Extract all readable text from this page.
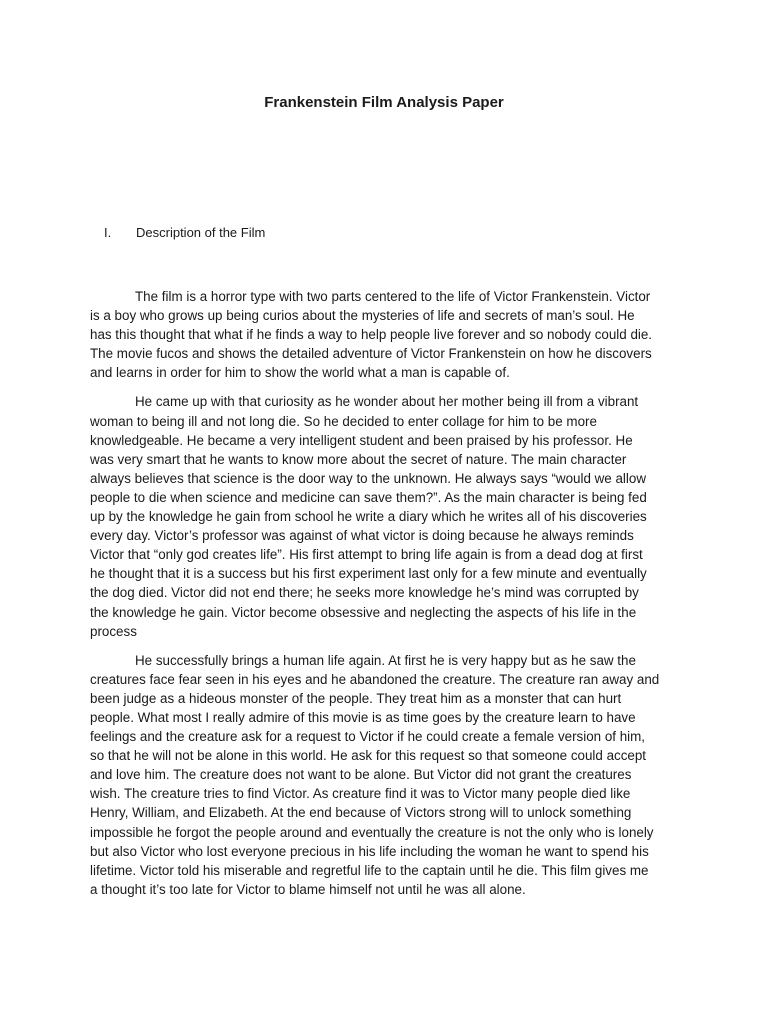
Frankenstein Film Analysis Paper
I. Description of the Film

The film is a horror type with two parts centered to the life of Victor Frankenstein. Victor
is a boy who grows up being curios about the mysteries of life and secrets of man’s soul. He
has this thought that what if he finds a way to help people live forever and so nobody could die.
The movie fucos and shows the detailed adventure of Victor Frankenstein on how he discovers
and learns in order for him to show the world what a man is capable of.

He came up with that curiosity as he wonder about her mother being ill from a vibrant
woman to being ill and not long die. So he decided to enter collage for him to be more
knowledgeable. He became a very intelligent student and been praised by his professor. He
was very smart that he wants to know more about the secret of nature. The main character
always believes that science is the door way to the unknown. He always says “would we allow
people to die when science and medicine can save them?”. As the main character is being fed
up by the knowledge he gain from school he write a diary which he writes all of his discoveries
every day. Victor’s professor was against of what victor is doing because he always reminds
Victor that “only god creates life”. His first attempt to bring life again is from a dead dog at first
he thought that it is a success but his first experiment last only for a few minute and eventually
the dog died. Victor did not end there; he seeks more knowledge he’s mind was corrupted by
the knowledge he gain. Victor become obsessive and neglecting the aspects of his life in the
process

He successfully brings a human life again. At first he is very happy but as he saw the
creatures face fear seen in his eyes and he abandoned the creature. The creature ran away and
been judge as a hideous monster of the people. They treat him as a monster that can hurt
people. What most I really admire of this movie is as time goes by the creature learn to have
feelings and the creature ask for a request to Victor if he could create a female version of him,
so that he will not be alone in this world. He ask for this request so that someone could accept
and love him. The creature does not want to be alone. But Victor did not grant the creatures
wish. The creature tries to find Victor. As creature find it was to Victor many people died like
Henry, William, and Elizabeth. At the end because of Victors strong will to unlock something
impossible he forgot the people around and eventually the creature is not the only who is lonely
but also Victor who lost everyone precious in his life including the woman he want to spend his
lifetime. Victor told his miserable and regretful life to the captain until he die. This film gives me
a thought it’s too late for Victor to blame himself not until he was all alone.
